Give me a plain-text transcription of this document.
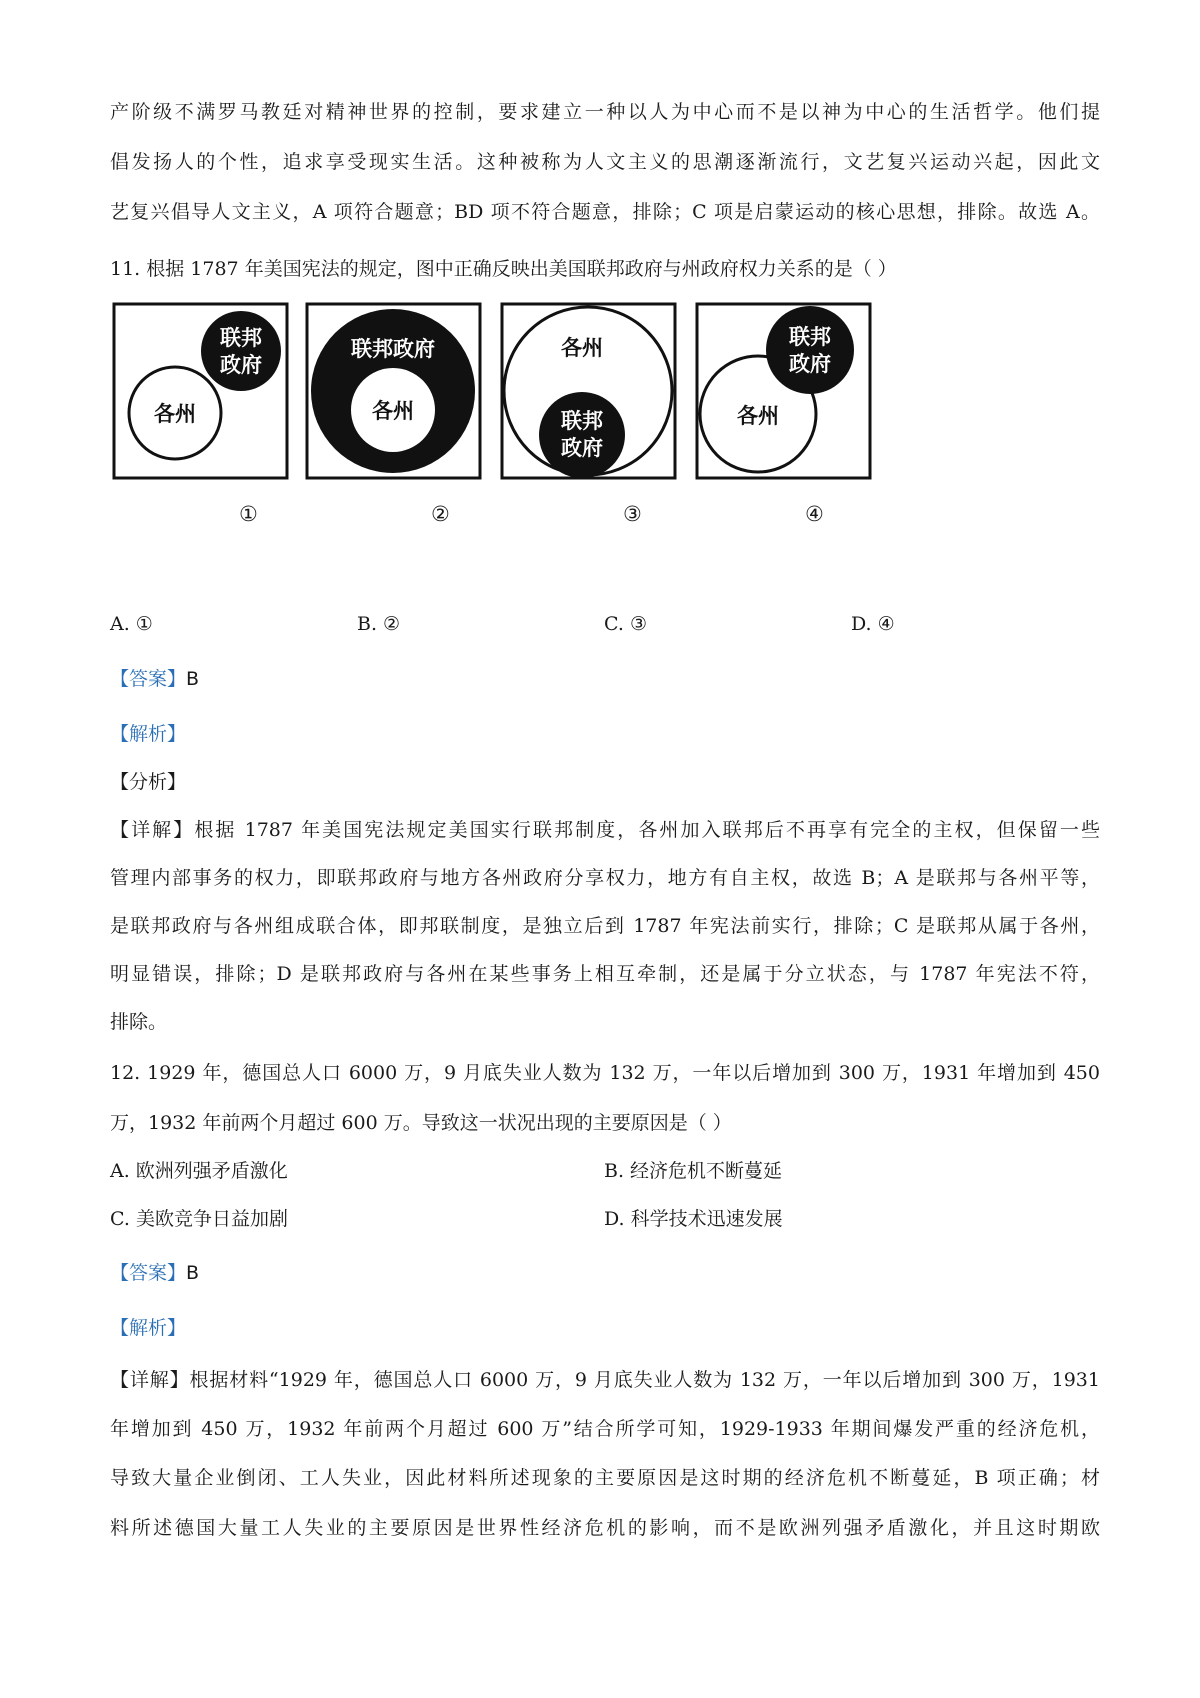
产阶级不满罗马教廷对精神世界的控制，要求建立一种以人为中心而不是以神为中心的生活哲学。他们提
倡发扬人的个性，追求享受现实生活。这种被称为人文主义的思潮逐渐流行，文艺复兴运动兴起，因此文
艺复兴倡导人文主义，A 项符合题意；BD 项不符合题意，排除；C 项是启蒙运动的核心思想，排除。故选 A。
11. 根据 1787 年美国宪法的规定，图中正确反映出美国联邦政府与州政府权力关系的是（ ）
联邦
政府
各州
联邦政府
各州
各州
联邦
政府
联邦
政府
各州
①	②	③	④
A. ①	B. ②	C. ③	D. ④
【答案】B
【解析】
【分析】
【详解】根据 1787 年美国宪法规定美国实行联邦制度，各州加入联邦后不再享有完全的主权，但保留一些
管理内部事务的权力，即联邦政府与地方各州政府分享权力，地方有自主权，故选 B；A 是联邦与各州平等，
是联邦政府与各州组成联合体，即邦联制度，是独立后到 1787 年宪法前实行，排除；C 是联邦从属于各州，
明显错误，排除；D 是联邦政府与各州在某些事务上相互牵制，还是属于分立状态，与 1787 年宪法不符，
排除。
12. 1929 年，德国总人口 6000 万，9 月底失业人数为 132 万，一年以后增加到 300 万，1931 年增加到 450
万，1932 年前两个月超过 600 万。导致这一状况出现的主要原因是（ ）
A. 欧洲列强矛盾激化	B. 经济危机不断蔓延
C. 美欧竞争日益加剧	D. 科学技术迅速发展
【答案】B
【解析】
【详解】根据材料“1929 年，德国总人口 6000 万，9 月底失业人数为 132 万，一年以后增加到 300 万，1931
年增加到 450 万，1932 年前两个月超过 600 万”结合所学可知，1929-1933 年期间爆发严重的经济危机，
导致大量企业倒闭、工人失业，因此材料所述现象的主要原因是这时期的经济危机不断蔓延，B 项正确；材
料所述德国大量工人失业的主要原因是世界性经济危机的影响，而不是欧洲列强矛盾激化，并且这时期欧
